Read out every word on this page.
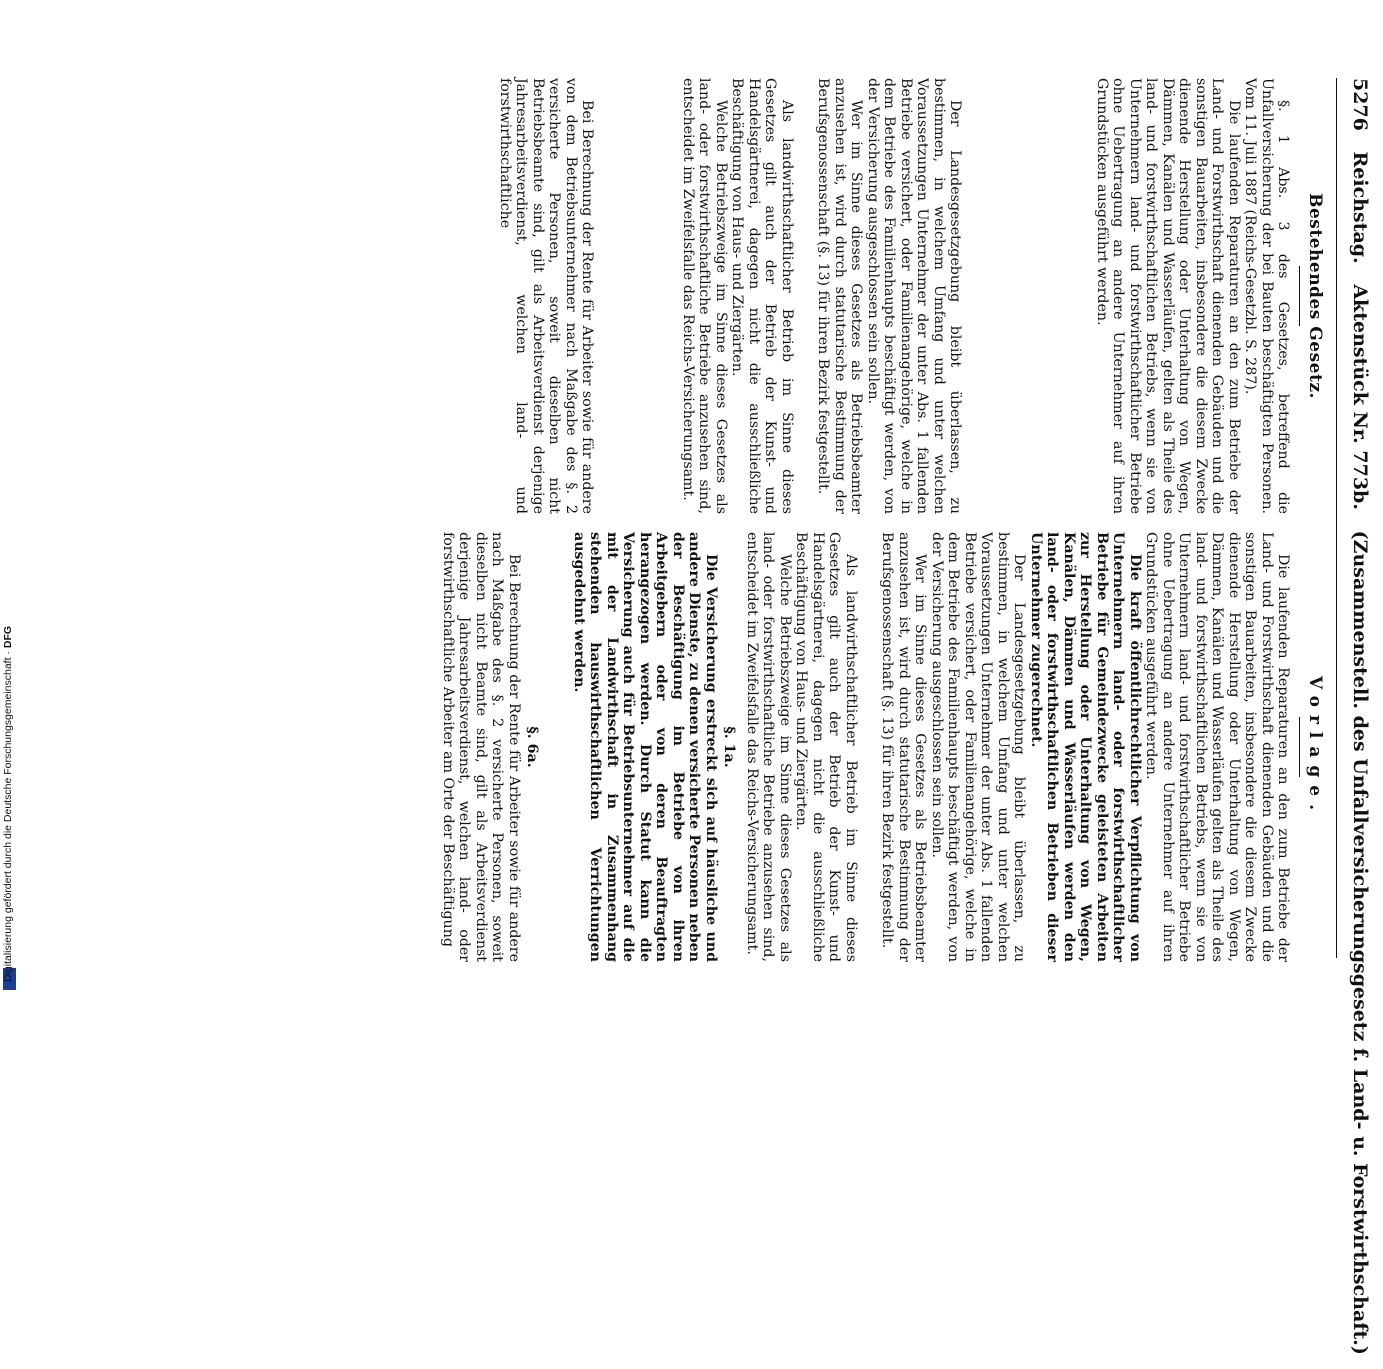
5276 Reichstag. Aktenstück Nr. 773b. (Zusammenstell. des Unfallversicherungsgesetz f. Land- u. Forstwirthschaft.)
Bestehendes Gesetz.

§. 1 Abs. 3 des Gesetzes, betreffend die Unfallversicherung der bei Bauten beschäftigten Personen. Vom 11. Juli 1887 (Reichs-Gesetzbl. S. 287).

Die laufenden Reparaturen an den zum Betriebe der Land- und Forstwirthschaft dienenden Gebäuden und die sonstigen Bauarbeiten, insbesondere die diesem Zwecke dienende Herstellung oder Unterhaltung von Wegen, Dämmen, Kanälen und Wasserläufen, gelten als Theile des land- und forstwirthschaftlichen Betriebs, wenn sie von Unternehmern land- und forstwirthschaftlicher Betriebe ohne Uebertragung an andere Unternehmer auf ihren Grundstücken ausgeführt werden.

Der Landesgesetzgebung bleibt überlassen, zu bestimmen, in welchem Umfang und unter welchen Voraussetzungen Unternehmer der unter Abs. 1 fallenden Betriebe versichert, oder Familienangehörige, welche in dem Betriebe des Familienhaupts beschäftigt werden, von der Versicherung ausgeschlossen sein sollen.

Wer im Sinne dieses Gesetzes als Betriebsbeamter anzusehen ist, wird durch statutarische Bestimmung der Berufsgenossenschaft (§. 13) für ihren Bezirk festgestellt.

Als landwirthschaftlicher Betrieb im Sinne dieses Gesetzes gilt auch der Betrieb der Kunst- und Handelsgärtnerei, dagegen nicht die ausschließliche Beschäftigung von Haus- und Ziergärten.

Welche Betriebszweige im Sinne dieses Gesetzes als land- oder forstwirthschaftliche Betriebe anzusehen sind, entscheidet im Zweifelsfalle das Reichs-Versicherungsamt.

Bei Berechnung der Rente für Arbeiter sowie für andere von dem Betriebsunternehmer nach Maßgabe des §. 2 versicherte Personen, soweit dieselben nicht Betriebsbeamte sind, gilt als Arbeitsverdienst derjenige Jahresarbeitsverdienst, welchen land- und forstwirthschaftliche

Vorlage.

Die laufenden Reparaturen an den zum Betriebe der Land- und Forstwirthschaft dienenden Gebäuden und die sonstigen Bauarbeiten, insbesondere die diesem Zwecke dienende Herstellung oder Unterhaltung von Wegen, Dämmen, Kanälen und Wasserläufen gelten als Theile des land- und forstwirthschaftlichen Betriebs, wenn sie von Unternehmern land- und forstwirthschaftlicher Betriebe ohne Uebertragung an andere Unternehmer auf ihren Grundstücken ausgeführt werden.

Die kraft öffentlichrechtlicher Verpflichtung von Unternehmern land- oder forstwirthschaftlicher Betriebe für Gemeindezwecke geleisteten Arbeiten zur Herstellung oder Unterhaltung von Wegen, Kanälen, Dämmen und Wasserläufen werden den land- oder forstwirthschaftlichen Betrieben dieser Unternehmer zugerechnet.

Der Landesgesetzgebung bleibt überlassen, zu bestimmen, in welchem Umfang und unter welchen Voraussetzungen Unternehmer der unter Abs. 1 fallenden Betriebe versichert, oder Familienangehörige, welche in dem Betriebe des Familienhaupts beschäftigt werden, von der Versicherung ausgeschlossen sein sollen.

Wer im Sinne dieses Gesetzes als Betriebsbeamter anzusehen ist, wird durch statutarische Bestimmung der Berufsgenossenschaft (§. 13) für ihren Bezirk festgestellt.

Als landwirthschaftlicher Betrieb im Sinne dieses Gesetzes gilt auch der Betrieb der Kunst- und Handelsgärtnerei, dagegen nicht die ausschließliche Beschäftigung von Haus- und Ziergärten.

Welche Betriebszweige im Sinne dieses Gesetzes als land- oder forstwirthschaftliche Betriebe anzusehen sind, entscheidet im Zweifelsfalle das Reichs-Versicherungsamt.

§. 1a.

Die Versicherung erstreckt sich auf häusliche und andere Dienste, zu denen versicherte Personen neben der Beschäftigung im Betriebe von ihren Arbeitgebern oder von deren Beauftragten herangezogen werden. Durch Statut kann die Versicherung auch für Betriebsunternehmer auf die mit der Landwirthschaft in Zusammenhang stehenden hauswirthschaftlichen Verrichtungen ausgedehnt werden.

§. 6a.

Bei Berechnung der Rente für Arbeiter sowie für andere nach Maßgabe des §. 2 versicherte Personen, soweit dieselben nicht Beamte sind, gilt als Arbeitsverdienst derjenige Jahresarbeitsverdienst, welchen land- oder forstwirthschaftliche Arbeiter am Orte der Beschäftigung

Digitalisierung gefördert durch die Deutsche Forschungsgemeinschaft · DFG
